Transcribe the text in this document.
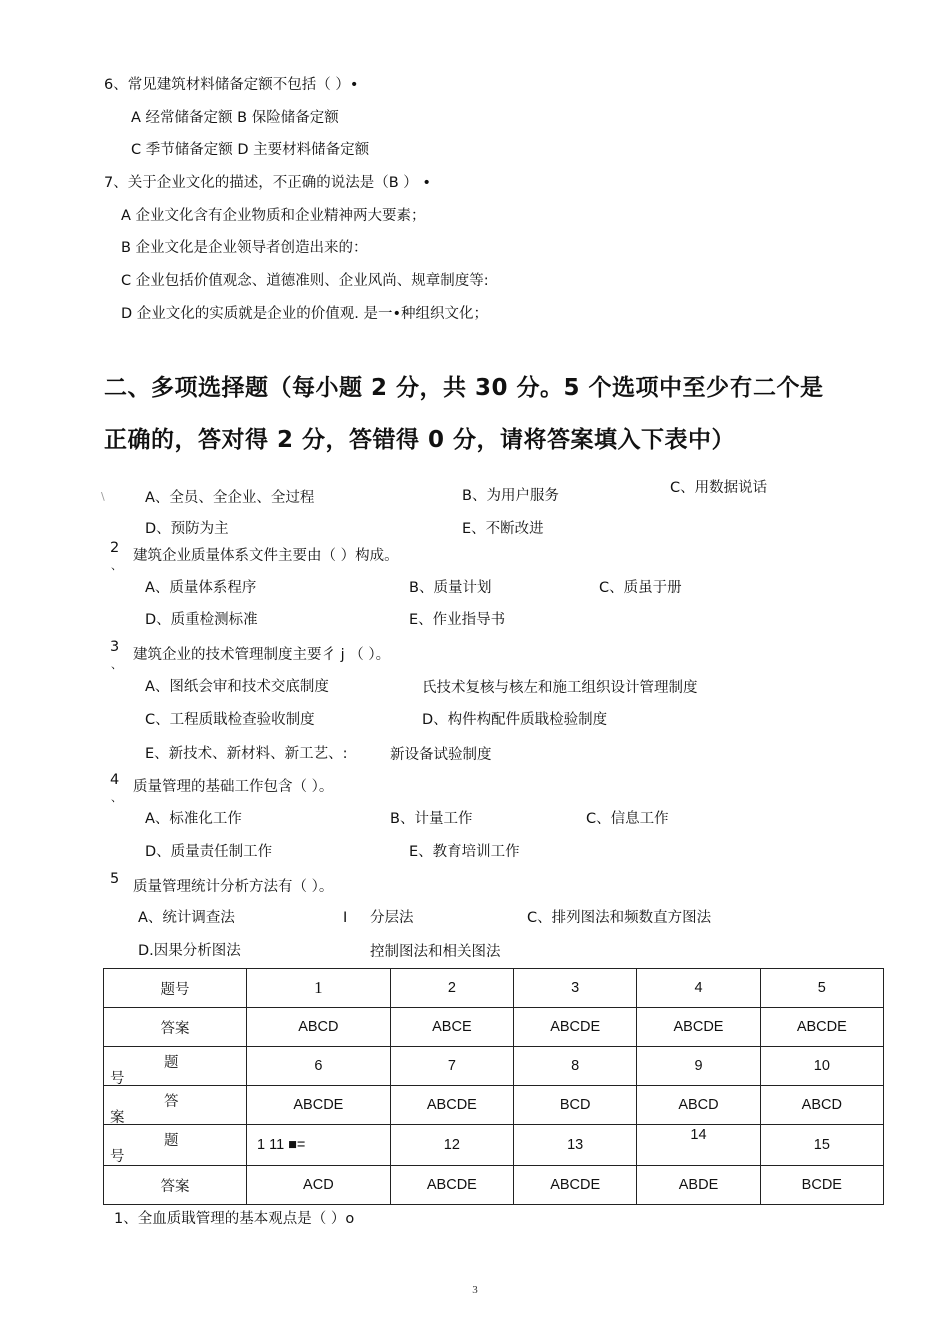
6、常见建筑材料储备定额不包括（ ）•
A 经常储备定额 B 保险储备定额
C 季节储备定额 D 主要材料储备定额
7、关于企业文化的描述，不正确的说法是（B ） •
A 企业文化含有企业物质和企业精神两大要素；
B 企业文化是企业领导者创造出来的：
C 企业包括价值观念、道德准则、企业风尚、规章制度等:
D 企业文化的实质就是企业的价值观. 是一•种组织文化；
二、多项选择题（每小题 2 分，共 30 分。5 个选项中至少冇二个是
正确的，答对得 2 分，答错得 0 分，请将答案填入下表中）
\	A、全员、全企业、全过程	B、为用户服务	C、用数据说话
D、预防为主	E、不断改进
2
、
建筑企业质量体系文件主要由（ ）构成。
A、质量体系程序	B、质量计划	C、质虽于册
D、质重检测标准	E、作业指导书
3
、
建筑企业的技术管理制度主要彳 j （ ）。
A、图纸会审和技术交底制度	氏技术复核与核左和施工组织设计管理制度
C、工程质戢检查验收制度	D、构件构配件质戢检验制度
E、新技术、新材料、新工艺、:	新设备试验制度
4
、
质量管理的基础工作包含（ ）。
A、标准化工作	B、计量工作	C、信息工作
D、质量责任制工作	E、教育培训工作
5 质量管理统计分析方法有（ ）。
A、统计调查法	I 分层法	C、排列图法和频数直方图法
D.因果分析图法	控制图法和相关图法
题号	1	2	3	4	5
答案	ABCD	ABCE	ABCDE	ABCDE	ABCDE

题
号	6	7	8	9	10

答
案	ABCDE	ABCDE	BCD	ABCD	ABCD

题
号	1 11 ■=	12	13	14	15
答案	ACD	ABCDE	ABCDE	ABDE	BCDE
1、全血质戢管理的基本观点是（ ）o
3
